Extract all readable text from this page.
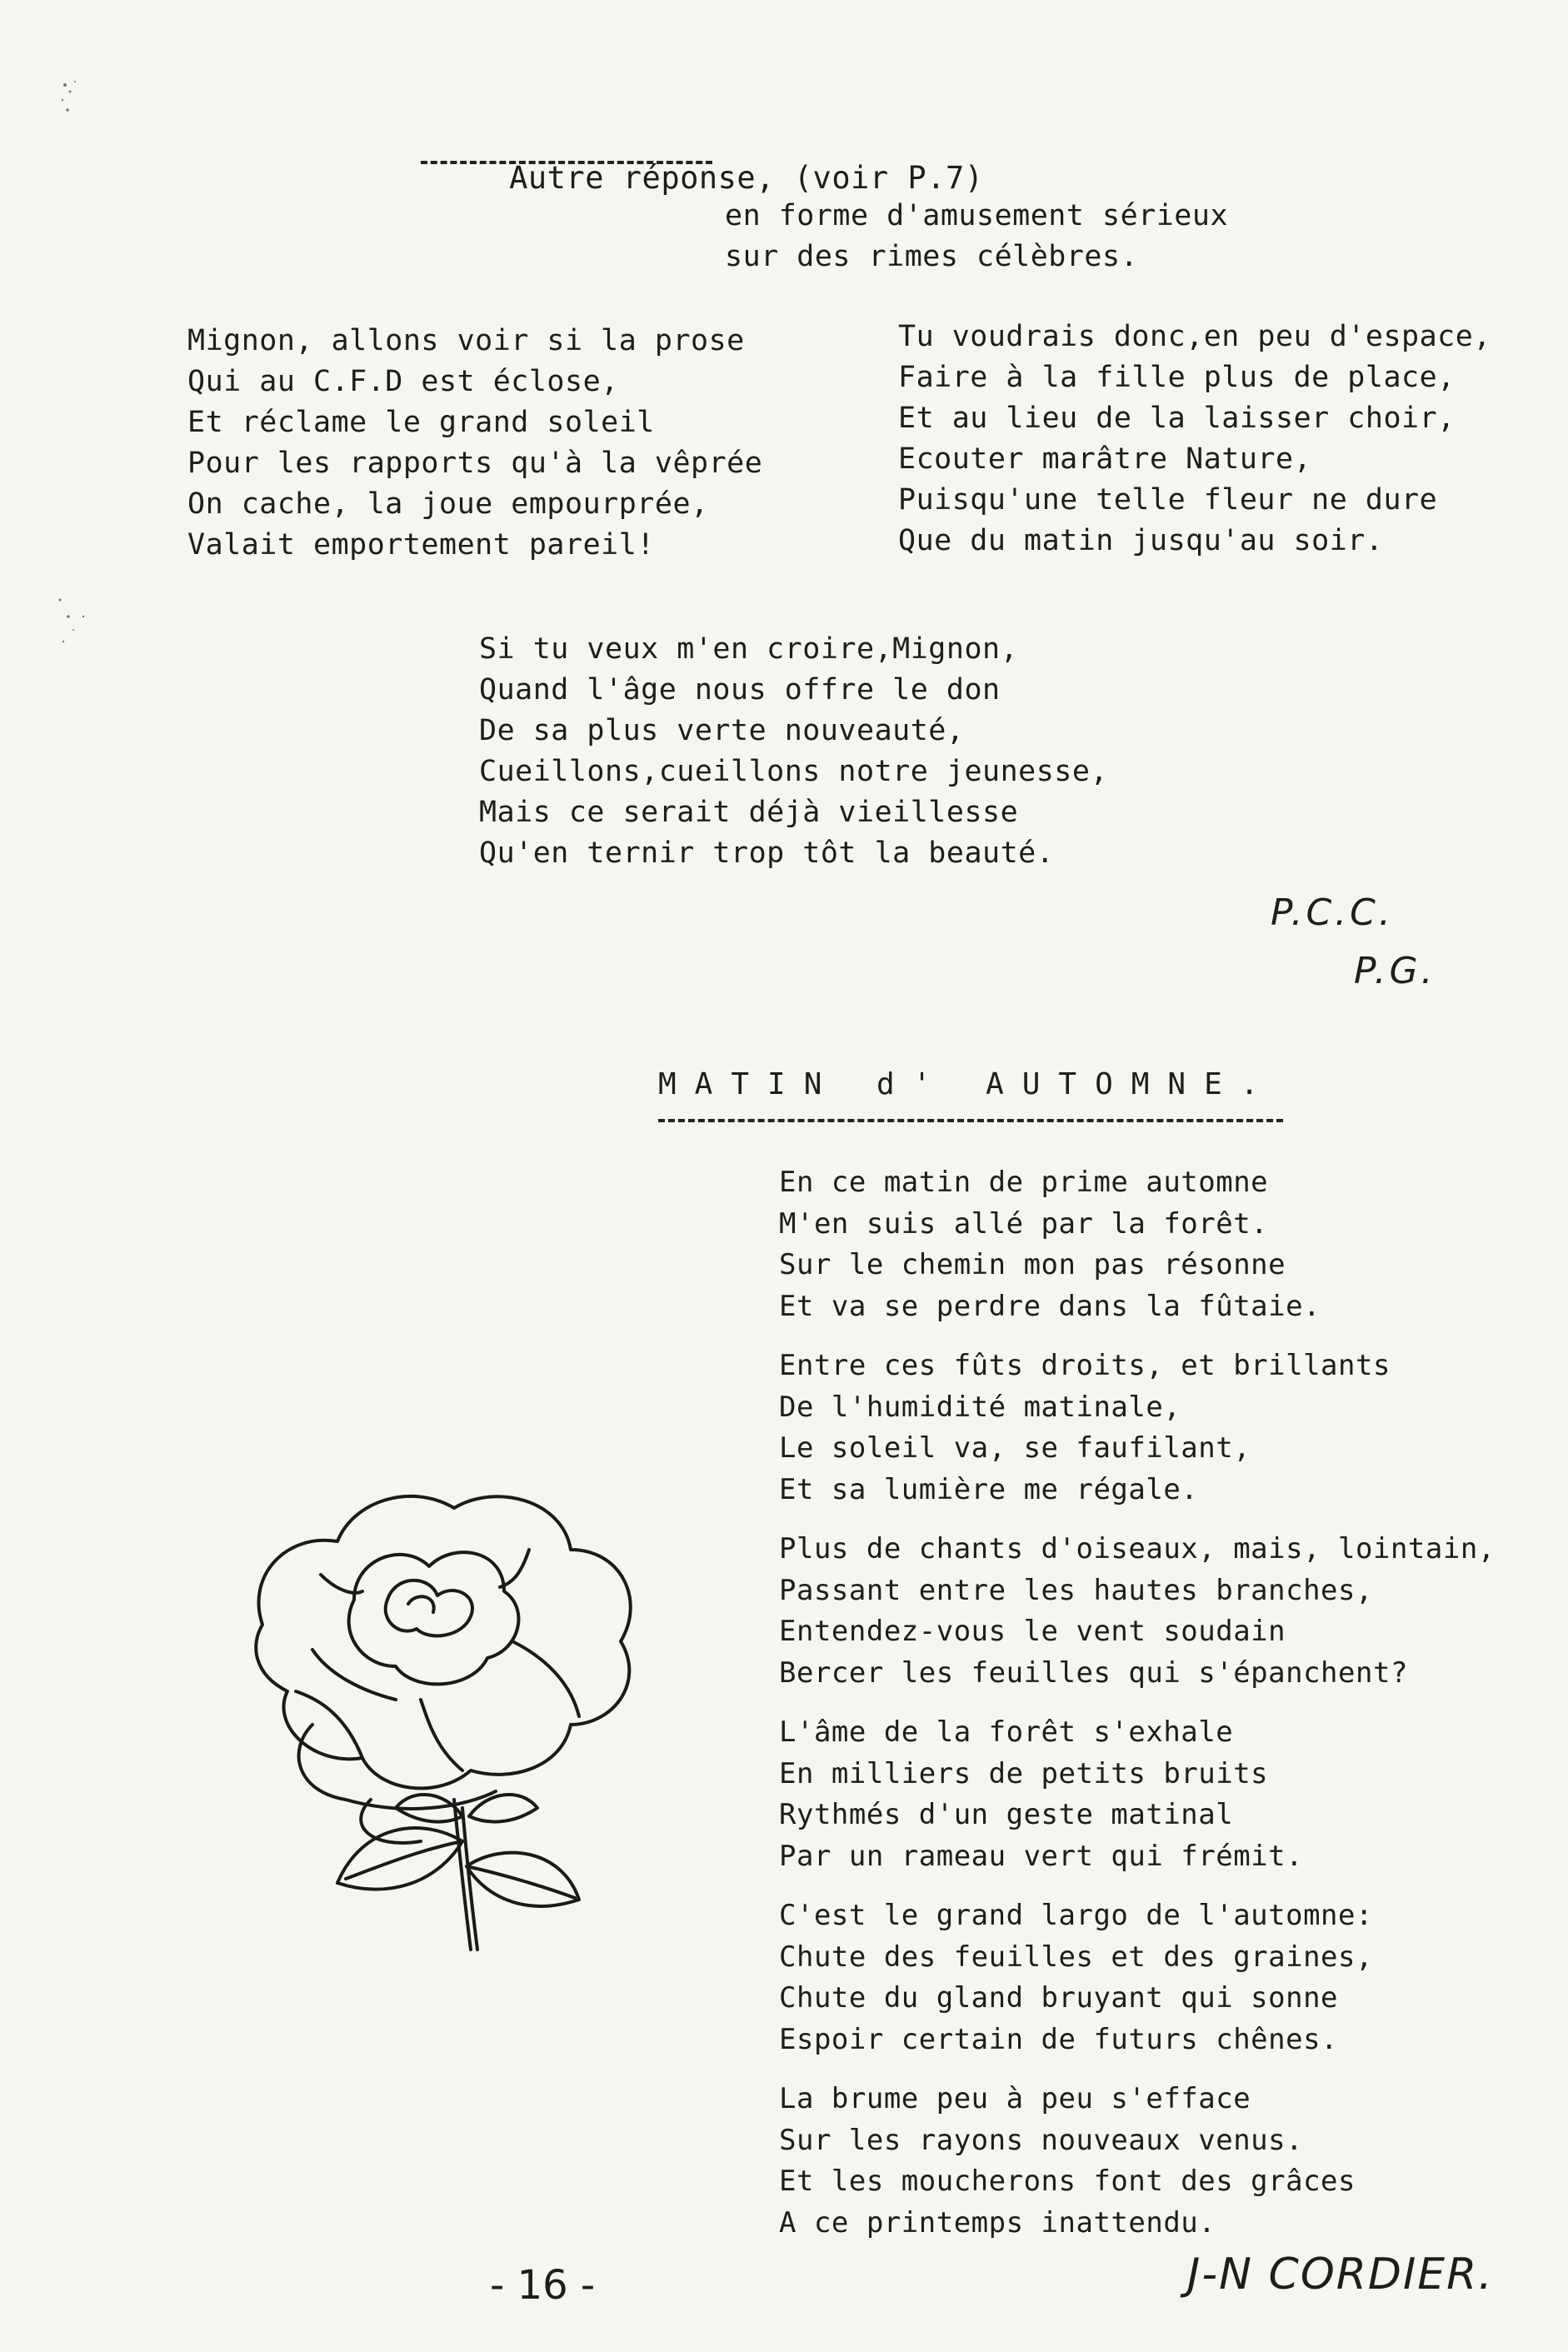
Autre réponse, (voir P.7)

en forme d'amusement sérieux
sur des rimes célèbres.
Mignon, allons voir si la prose
Qui au C.F.D est éclose,
Et réclame le grand soleil
Pour les rapports qu'à la vêprée
On cache, la joue empourprée,
Valait emportement pareil!
Tu voudrais donc,en peu d'espace,
Faire à la fille plus de place,
Et au lieu de la laisser choir,
Ecouter marâtre Nature,
Puisqu'une telle fleur ne dure
Que du matin jusqu'au soir.
Si tu veux m'en croire,Mignon,
Quand l'âge nous offre le don
De sa plus verte nouveauté,
Cueillons,cueillons notre jeunesse,
Mais ce serait déjà vieillesse
Qu'en ternir trop tôt la beauté.
P.C.C.
P.G.
MATIN d' AUTOMNE.
En ce matin de prime automne
M'en suis allé par la forêt.
Sur le chemin mon pas résonne
Et va se perdre dans la fûtaie.
Entre ces fûts droits, et brillants
De l'humidité matinale,
Le soleil va, se faufilant,
Et sa lumière me régale.
Plus de chants d'oiseaux, mais, lointain,
Passant entre les hautes branches,
Entendez-vous le vent soudain
Bercer les feuilles qui s'épanchent?
L'âme de la forêt s'exhale
En milliers de petits bruits
Rythmés d'un geste matinal
Par un rameau vert qui frémit.
C'est le grand largo de l'automne:
Chute des feuilles et des graines,
Chute du gland bruyant qui sonne
Espoir certain de futurs chênes.
La brume peu à peu s'efface
Sur les rayons nouveaux venus.
Et les moucherons font des grâces
A ce printemps inattendu.
- 16 -	J-N CORDIER.
